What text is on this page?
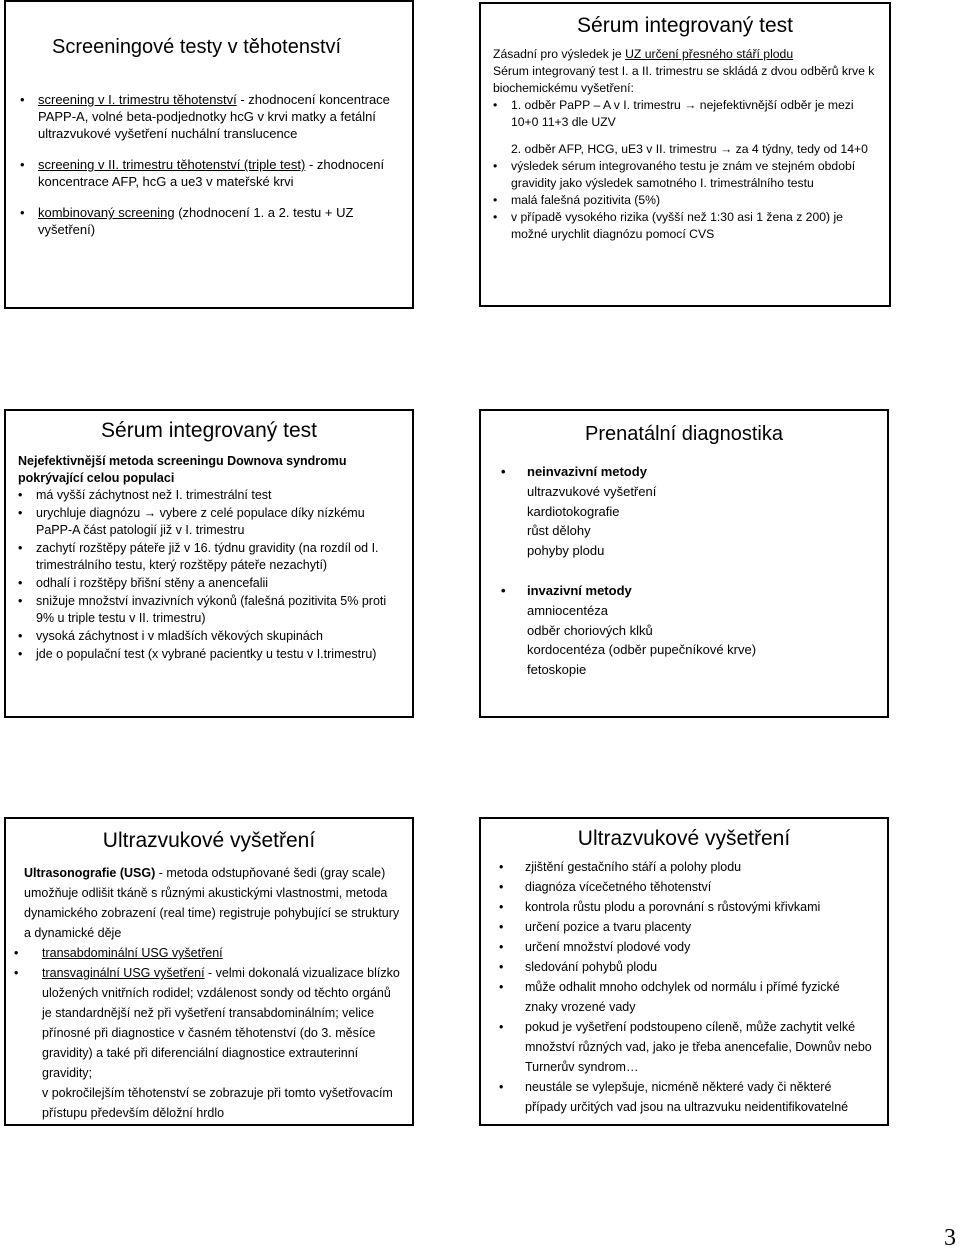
Screeningové testy v těhotenství
• screening v I. trimestru těhotenství - zhodnocení koncentrace PAPP-A, volné beta-podjednotky hcG v krvi matky a fetální ultrazvukové vyšetření nuchální translucence
• screening v II. trimestru těhotenství (triple test) - zhodnocení koncentrace AFP, hcG a ue3 v mateřské krvi
• kombinovaný screening (zhodnocení 1. a 2. testu + UZ vyšetření)
Sérum integrovaný test

Zásadní pro výsledek je UZ určení přesného stáří plodu

Sérum integrovaný test I. a II. trimestru se skládá z dvou odběrů krve k biochemickému vyšetření:

• 1. odběr PaPP – A v I. trimestru → nejefektivnější odběr je mezi 10+0 11+3 dle UZV
2. odběr AFP, HCG, uE3 v II. trimestru → za 4 týdny, tedy od 14+0
• výsledek sérum integrovaného testu je znám ve stejném období gravidity jako výsledek samotného I. trimestrálního testu
• malá falešná pozitivita (5%)
• v případě vysokého rizika (vyšší než 1:30 asi 1 žena z 200) je možné urychlit diagnózu pomocí CVS
Sérum integrovaný test

Nejefektivnější metoda screeningu Downova syndromu pokrývající celou populaci

• má vyšší záchytnost než I. trimestrální test
• urychluje diagnózu → vybere z celé populace díky nízkému PaPP-A část patologií již v I. trimestru
• zachytí rozštěpy páteře již v 16. týdnu gravidity (na rozdíl od I. trimestrálního testu, který rozštěpy páteře nezachytí)
• odhalí i rozštěpy břišní stěny a anencefalii
• snižuje množství invazivních výkonů (falešná pozitivita 5% proti 9% u triple testu v II. trimestru)
• vysoká záchytnost i v mladších věkových skupinách
• jde o populační test (x vybrané pacientky u testu v I.trimestru)
Prenatální diagnostika
• neinvazivní metody
ultrazvukové vyšetření
kardiotokografie
růst dělohy
pohyby plodu
• invazivní metody
amniocentéza
odběr choriových klků
kordocentéza (odběr pupečníkové krve)
fetoskopie
Ultrazvukové vyšetření

Ultrasonografie (USG) - metoda odstupňované šedi (gray scale) umožňuje odlišit tkáně s různými akustickými vlastnostmi, metoda dynamického zobrazení (real time) registruje pohybující se struktury a dynamické děje

• transabdominální USG vyšetření
• transvaginální USG vyšetření - velmi dokonalá vizualizace blízko uložených vnitřních rodidel; vzdálenost sondy od těchto orgánů je standardnější než při vyšetření transabdominálním; velice přínosné při diagnostice v časném těhotenství (do 3. měsíce gravidity) a také při diferenciální diagnostice extrauterinní gravidity;
v pokročilejším těhotenství se zobrazuje při tomto vyšetřovacím přístupu především děložní hrdlo
Ultrazvukové vyšetření
• zjištění gestačního stáří a polohy plodu
• diagnóza vícečetného těhotenství
• kontrola růstu plodu a porovnání s růstovými křivkami
• určení pozice a tvaru placenty
• určení množství plodové vody
• sledování pohybů plodu
• může odhalit mnoho odchylek od normálu i přímé fyzické znaky vrozené vady
• pokud je vyšetření podstoupeno cíleně, může zachytit velké množství různých vad, jako je třeba anencefalie, Downův nebo Turnerův syndrom…
• neustále se vylepšuje, nicméně některé vady či některé případy určitých vad jsou na ultrazvuku neidentifikovatelné
3
